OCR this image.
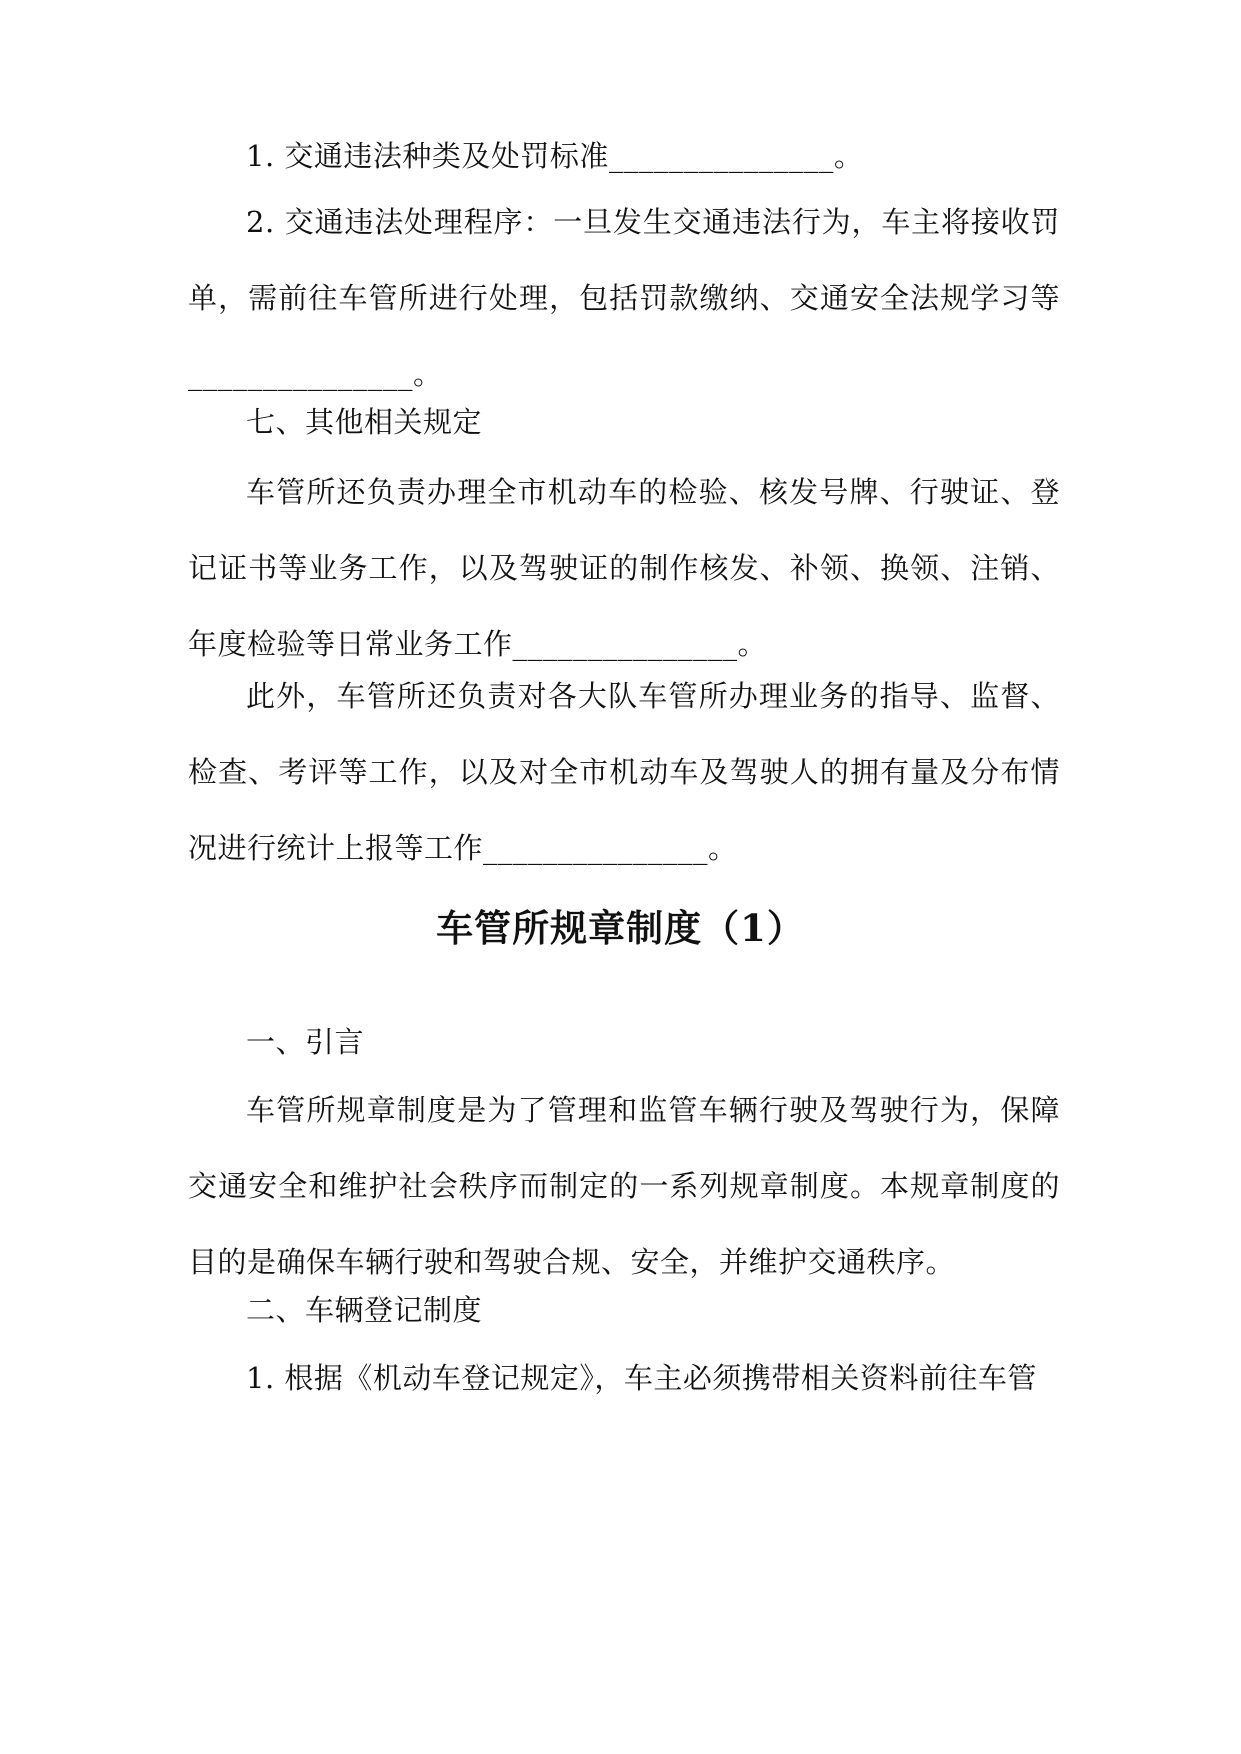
1. 交通违法种类及处罚标准_______________。

2. 交通违法处理程序：一旦发生交通违法行为，车主将接收罚单，需前往车管所进行处理，包括罚款缴纳、交通安全法规学习等_______________。

七、其他相关规定

车管所还负责办理全市机动车的检验、核发号牌、行驶证、登记证书等业务工作，以及驾驶证的制作核发、补领、换领、注销、年度检验等日常业务工作_______________。

此外，车管所还负责对各大队车管所办理业务的指导、监督、检查、考评等工作，以及对全市机动车及驾驶人的拥有量及分布情况进行统计上报等工作_______________。

车管所规章制度（1）

一、引言

车管所规章制度是为了管理和监管车辆行驶及驾驶行为，保障交通安全和维护社会秩序而制定的一系列规章制度。本规章制度的目的是确保车辆行驶和驾驶合规、安全，并维护交通秩序。

二、车辆登记制度

1. 根据《机动车登记规定》，车主必须携带相关资料前往车管
